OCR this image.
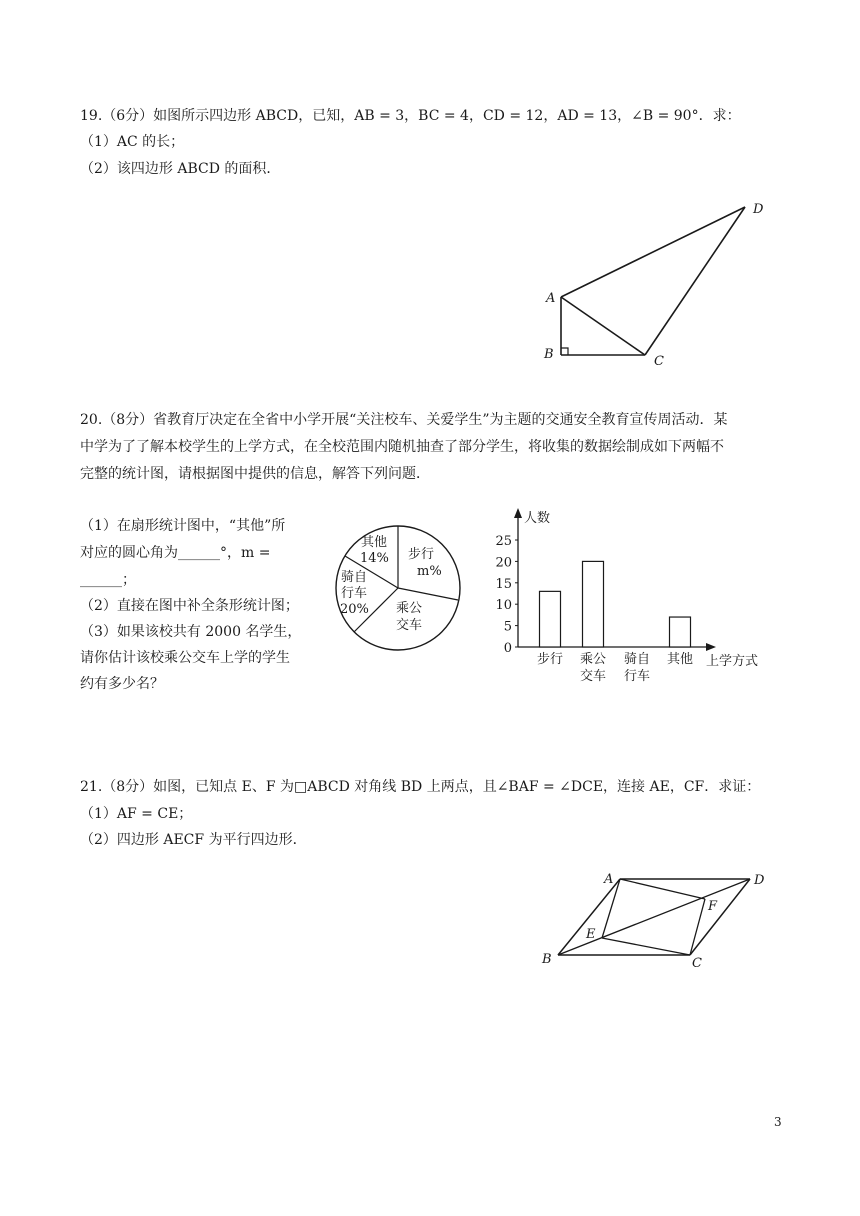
19.（6分）如图所示四边形 ABCD，已知，AB = 3，BC = 4，CD = 12，AD = 13，∠B = 90°．求：
（1）AC 的长；
（2）该四边形 ABCD 的面积．
A
B	C
D
20.（8分）省教育厅决定在全省中小学开展“关注校车、关爱学生”为主题的交通安全教育宣传周活动．某
中学为了了解本校学生的上学方式，在全校范围内随机抽查了部分学生，将收集的数据绘制成如下两幅不
完整的统计图，请根据图中提供的信息，解答下列问题．
（1）在扇形统计图中，“其他”所
对应的圆心角为______°，m =
______；
（2）直接在图中补全条形统计图；
（3）如果该校共有 2000 名学生，
请你估计该校乘公交车上学的学生
约有多少名？
其他
14% 步行
m%
骑自
行车
20% 乘公
交车
人数
上学方式
0
5
10
15
20
25
步行 乘公
交车
骑自
行车
其他
21.（8分）如图，已知点 E、F 为□ABCD 对角线 BD 上两点，且∠BAF = ∠DCE，连接 AE，CF．求证：
（1）AF = CE；
（2）四边形 AECF 为平行四边形．
A	D
B	C
E
F
3
